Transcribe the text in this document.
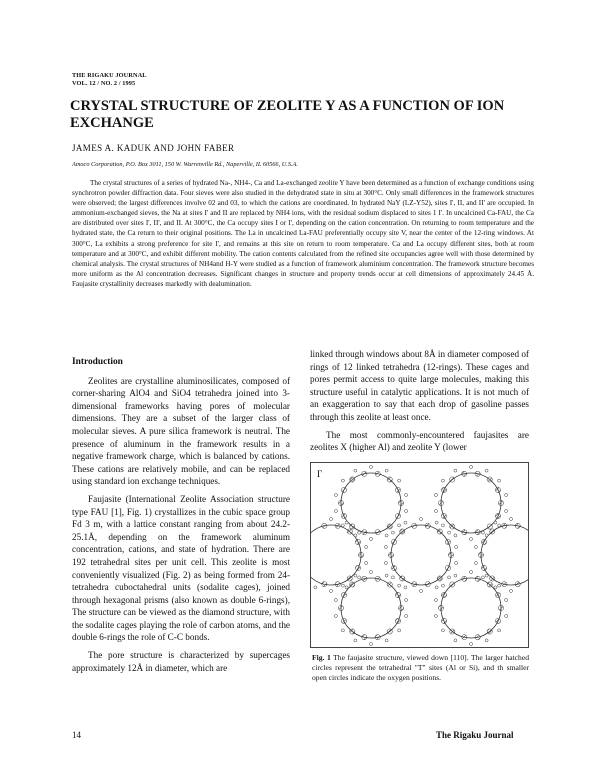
THE RIGAKU JOURNAL
VOL. 12 / NO. 2 / 1995
CRYSTAL STRUCTURE OF ZEOLITE Y AS A FUNCTION OF ION EXCHANGE
JAMES A. KADUK AND JOHN FABER
Amoco Corporation, P.O. Box 3011, 150 W. Warrenville Rd., Naperville, IL 60566, U.S.A.

The crystal structures of a series of hydrated Na-, NH4-, Ca and La-exchanged zeolite Y have been determined as a function of exchange conditions using synchrotron powder diffraction data. Four sieves were also studied in the dehydrated state in situ at 300°C. Only small differences in the framework structures were observed; the largest differences involve 02 and 03, to which the cations are coordinated. In hydrated NaY (LZ-Y52), sites I', II, and II' are occupied. In ammonium-exchanged sieves, the Na at sites I' and II are replaced by NH4 ions, with the residual sodium displaced to sites 1 I'. In uncalcined Ca-FAU, the Ca are distributed over sites I', II', and II. At 300°C, the Ca occupy sites I or I', depending on the cation concentration. On returning to room temperature and the hydrated state, the Ca return to their original positions. The La in uncalcined La-FAU preferentially occupy site V, near the center of the 12-ring windows. At 300°C, La exhibits a strong preference for site I', and remains at this site on return to room temperature. Ca and La occupy different sites, both at room temperature and at 300°C, and exhibit different mobility. The cation contents calculated from the refined site occupancies agree well with those determined by chemical analysis. The crystal structures of NH4and H-Y were studied as a function of framework aluminium concentration. The framework structure becomes more uniform as the Al concentration decreases. Significant changes in structure and property trends occur at cell dimensions of approximately 24.45 Å. Faujasite crystallinity decreases markedly with dealumination.

Introduction

Zeolites are crystalline aluminosilicates, composed of corner-sharing AlO4 and SiO4 tetrahedra joined into 3-dimensional frameworks having pores of molecular dimensions. They are a subset of the larger class of molecular sieves. A pure silica framework is neutral. The presence of aluminum in the framework results in a negative framework charge, which is balanced by cations. These cations are relatively mobile, and can be replaced using standard ion exchange techniques.

Faujasite (International Zeolite Association structure type FAU [1], Fig. 1) crystallizes in the cubic space group Fd 3 m, with a lattice constant ranging from about 24.2-25.1Å, depending on the framework aluminum concentration, cations, and state of hydration. There are 192 tetrahedral sites per unit cell. This zeolite is most conveniently visualized (Fig. 2) as being formed from 24-tetrahedra cuboctahedral units (sodalite cages), joined through hexagonal prisms (also known as double 6-rings), The structure can be viewed as the diamond structure, with the sodalite cages playing the role of carbon atoms, and the double 6-rings the role of C-C bonds.

The pore structure is characterized by supercages approximately 12Å in diameter, which are

linked through windows about 8Å in diameter composed of rings of 12 linked tetrahedra (12-rings). These cages and pores permit access to quite large molecules, making this structure useful in catalytic applications. It is not much of an exaggeration to say that each drop of gasoline passes through this zeolite at least once.

The most commonly-encountered faujasites are zeolites X (higher Al) and zeolite Y (lower

Γ
Fig. 1 The faujasite structure, viewed down [110]. The larger hatched circles represent the tetrahedral "T" sites (Al or Si), and th smaller open circles indicate the oxygen positions.
14	The Rigaku Journal
